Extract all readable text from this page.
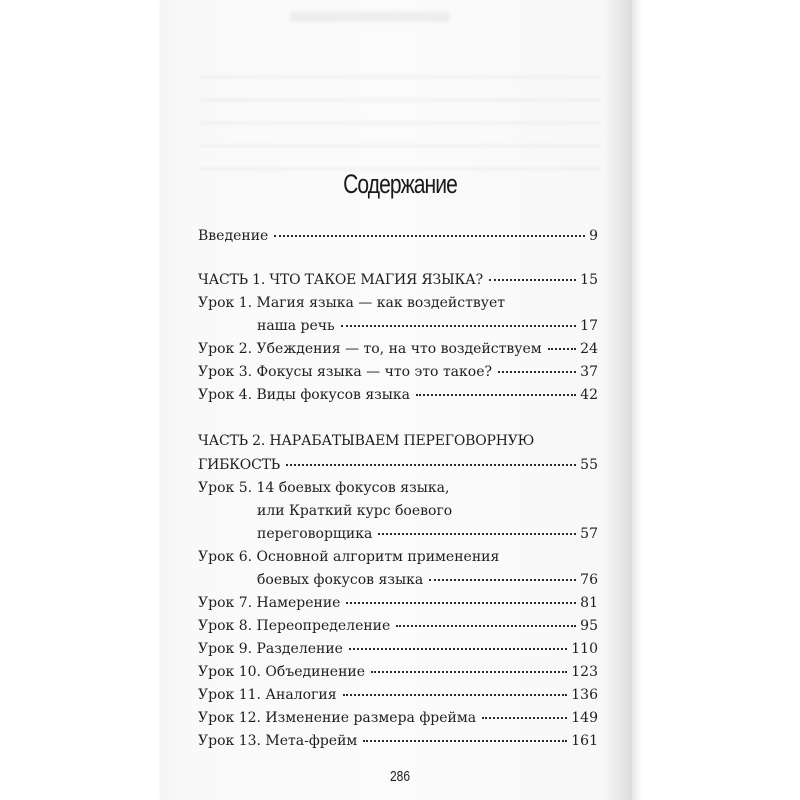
Содержание
Введение	9
ЧАСТЬ 1. ЧТО ТАКОЕ МАГИЯ ЯЗЫКА?	15
Урок 1. Магия языка — как воздействует
наша речь	17
Урок 2. Убеждения — то, на что воздействуем	24
Урок 3. Фокусы языка — что это такое?	37
Урок 4. Виды фокусов языка	42
ЧАСТЬ 2. НАРАБАТЫВАЕМ ПЕРЕГОВОРНУЮ
ГИБКОСТЬ	55
Урок 5. 14 боевых фокусов языка,
или Краткий курс боевого
переговорщика	57
Урок 6. Основной алгоритм применения
боевых фокусов языка	76
Урок 7. Намерение	81
Урок 8. Переопределение	95
Урок 9. Разделение	110
Урок 10. Объединение	123
Урок 11. Аналогия	136
Урок 12. Изменение размера фрейма	149
Урок 13. Мета-фрейм	161
286
